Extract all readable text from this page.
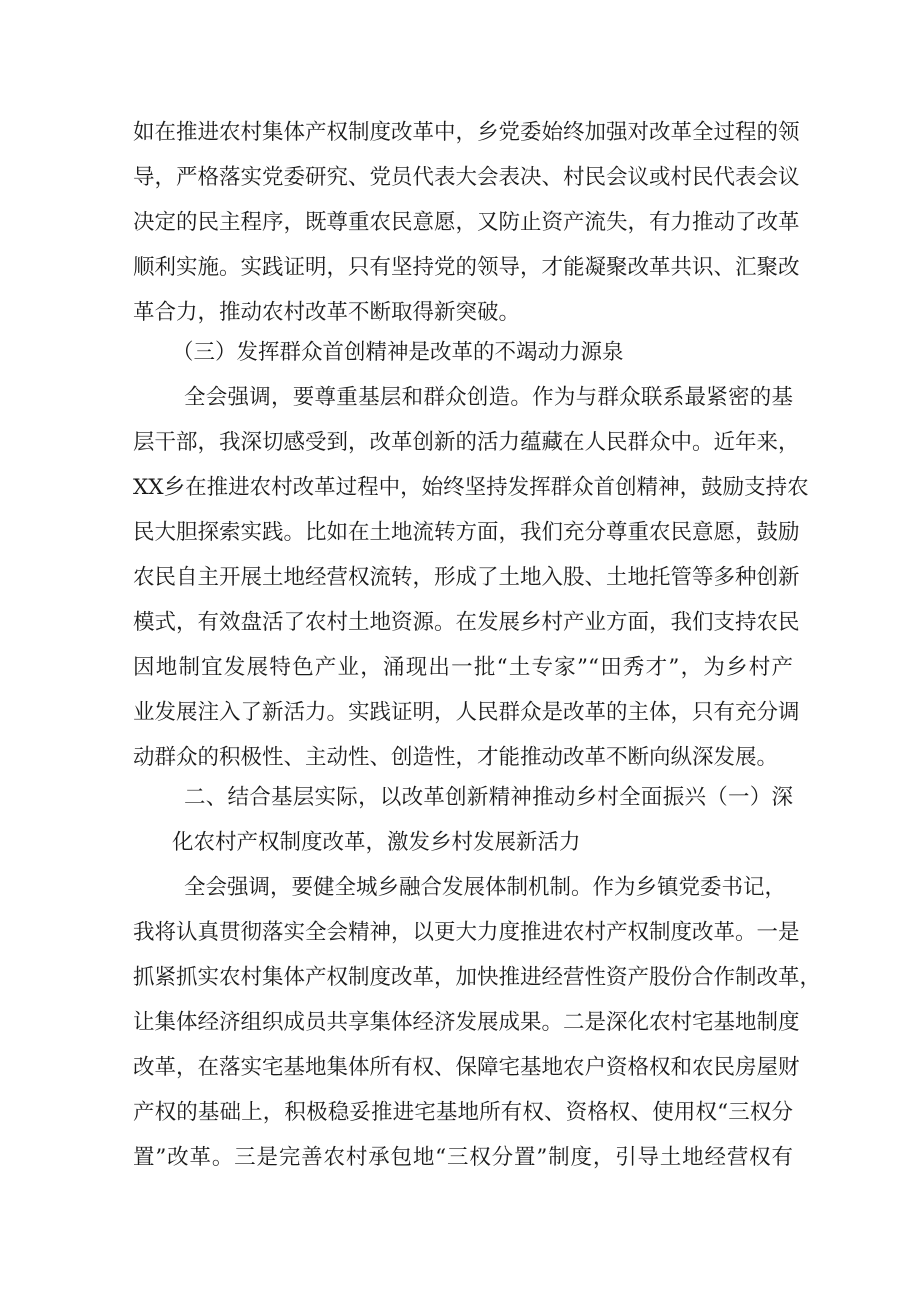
如在推进农村集体产权制度改革中，乡党委始终加强对改革全过程的领
导，严格落实党委研究、党员代表大会表决、村民会议或村民代表会议
决定的民主程序，既尊重农民意愿，又防止资产流失，有力推动了改革
顺利实施。实践证明，只有坚持党的领导，才能凝聚改革共识、汇聚改
革合力，推动农村改革不断取得新突破。
（三）发挥群众首创精神是改革的不竭动力源泉
全会强调，要尊重基层和群众创造。作为与群众联系最紧密的基
层干部，我深切感受到，改革创新的活力蕴藏在人民群众中。近年来，
XX乡在推进农村改革过程中，始终坚持发挥群众首创精神，鼓励支持农
民大胆探索实践。比如在土地流转方面，我们充分尊重农民意愿，鼓励
农民自主开展土地经营权流转，形成了土地入股、土地托管等多种创新
模式，有效盘活了农村土地资源。在发展乡村产业方面，我们支持农民
因地制宜发展特色产业，涌现出一批“土专家”“田秀才”，为乡村产
业发展注入了新活力。实践证明，人民群众是改革的主体，只有充分调
动群众的积极性、主动性、创造性，才能推动改革不断向纵深发展。
二、结合基层实际，以改革创新精神推动乡村全面振兴（一）深
化农村产权制度改革，激发乡村发展新活力
全会强调，要健全城乡融合发展体制机制。作为乡镇党委书记，
我将认真贯彻落实全会精神，以更大力度推进农村产权制度改革。一是
抓紧抓实农村集体产权制度改革，加快推进经营性资产股份合作制改革，
让集体经济组织成员共享集体经济发展成果。二是深化农村宅基地制度
改革，在落实宅基地集体所有权、保障宅基地农户资格权和农民房屋财
产权的基础上，积极稳妥推进宅基地所有权、资格权、使用权“三权分
置”改革。三是完善农村承包地“三权分置”制度，引导土地经营权有
